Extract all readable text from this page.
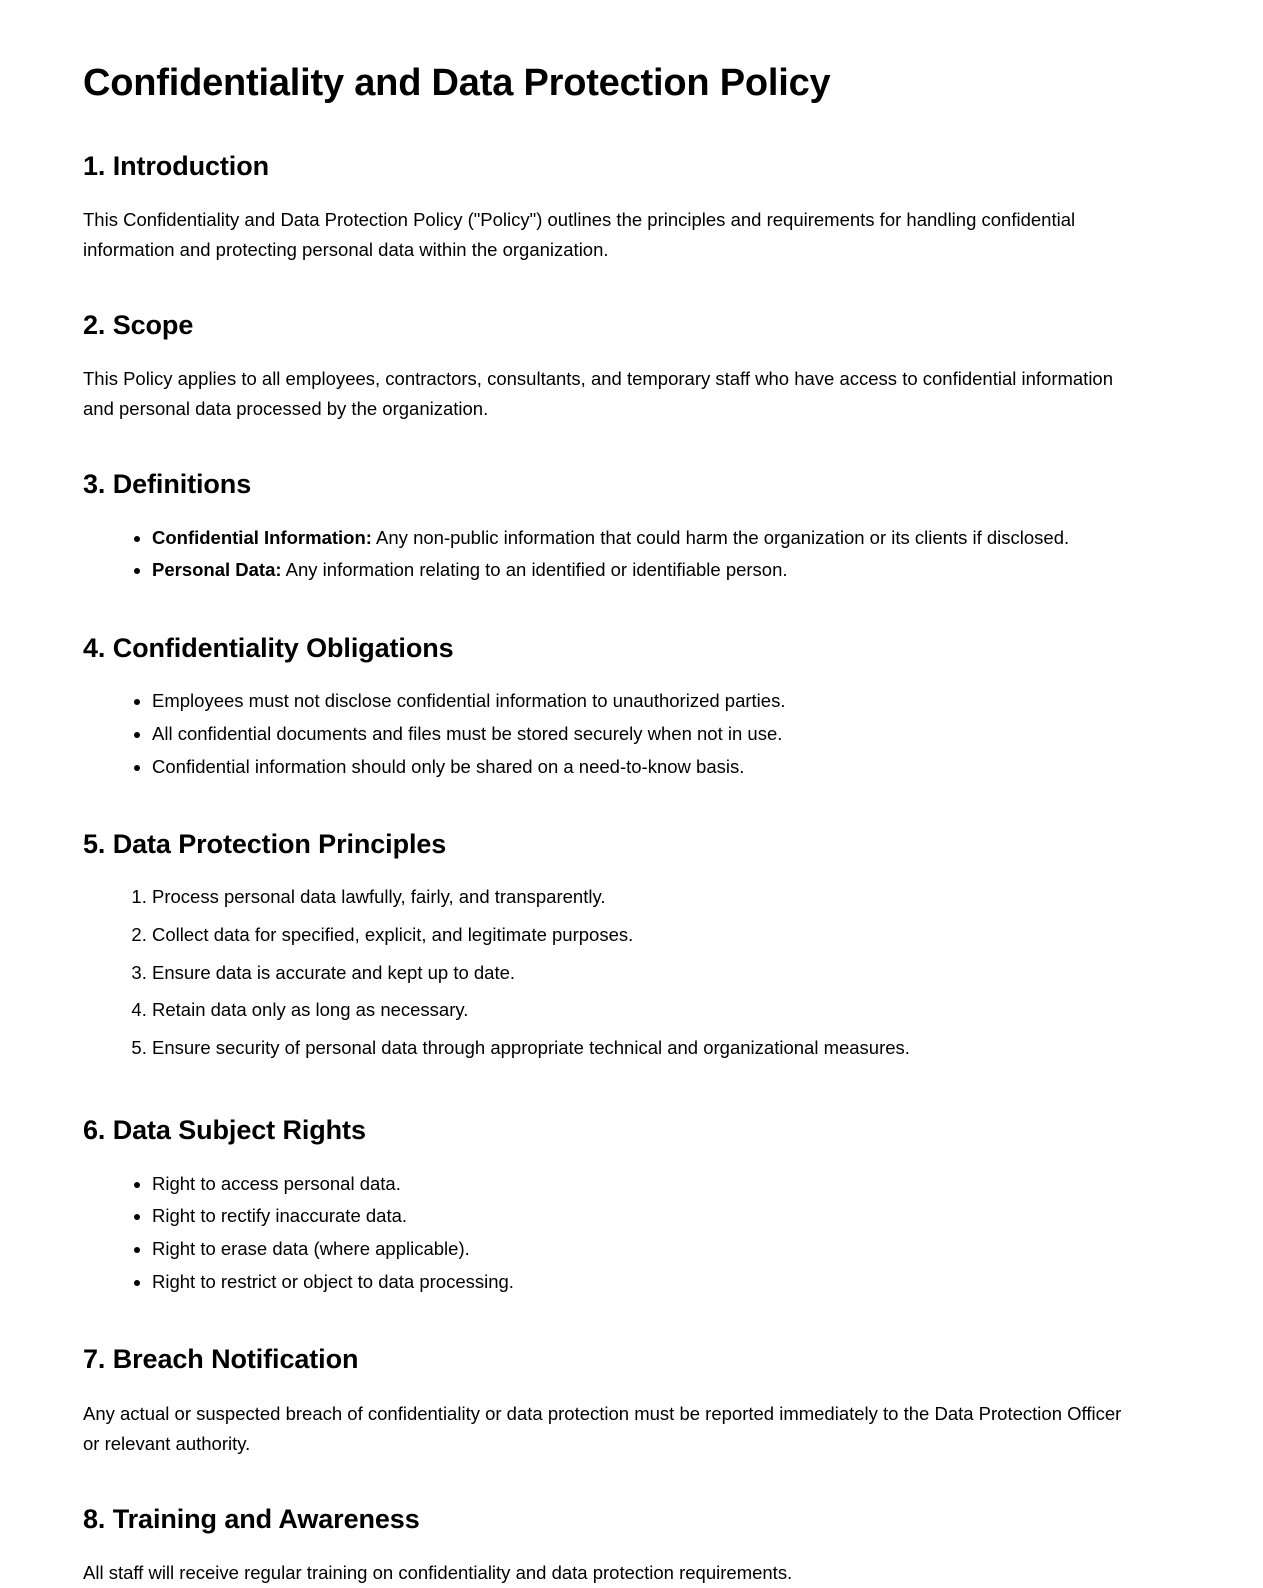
Confidentiality and Data Protection Policy
1. Introduction

This Confidentiality and Data Protection Policy ("Policy") outlines the principles and requirements for handling confidential information and protecting personal data within the organization.

2. Scope

This Policy applies to all employees, contractors, consultants, and temporary staff who have access to confidential information and personal data processed by the organization.

3. Definitions
• Confidential Information: Any non-public information that could harm the organization or its clients if disclosed.
• Personal Data: Any information relating to an identified or identifiable person.
4. Confidentiality Obligations
• Employees must not disclose confidential information to unauthorized parties.
• All confidential documents and files must be stored securely when not in use.
• Confidential information should only be shared on a need-to-know basis.
5. Data Protection Principles
1. Process personal data lawfully, fairly, and transparently.
2. Collect data for specified, explicit, and legitimate purposes.
3. Ensure data is accurate and kept up to date.
4. Retain data only as long as necessary.
5. Ensure security of personal data through appropriate technical and organizational measures.
6. Data Subject Rights
• Right to access personal data.
• Right to rectify inaccurate data.
• Right to erase data (where applicable).
• Right to restrict or object to data processing.
7. Breach Notification

Any actual or suspected breach of confidentiality or data protection must be reported immediately to the Data Protection Officer or relevant authority.

8. Training and Awareness

All staff will receive regular training on confidentiality and data protection requirements.
